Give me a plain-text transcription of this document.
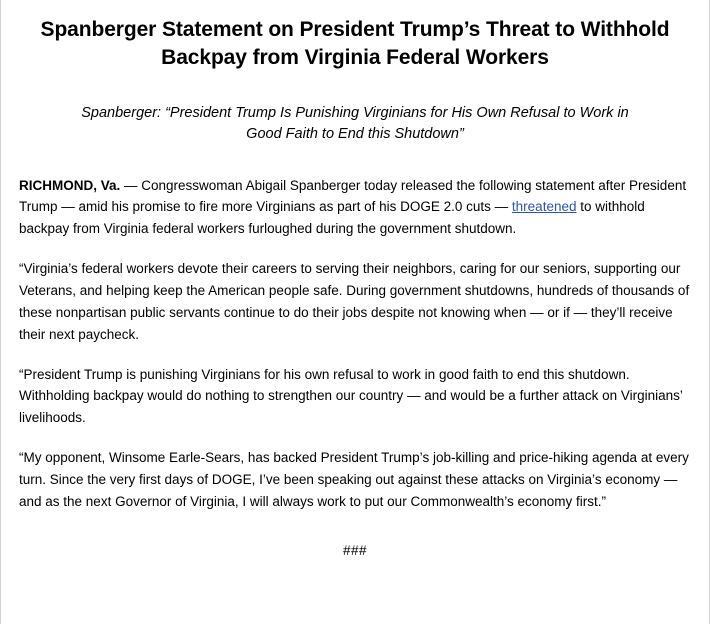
Spanberger Statement on President Trump’s Threat to Withhold Backpay from Virginia Federal Workers
Spanberger: “President Trump Is Punishing Virginians for His Own Refusal to Work in Good Faith to End this Shutdown”

RICHMOND, Va. — Congresswoman Abigail Spanberger today released the following statement after President Trump — amid his promise to fire more Virginians as part of his DOGE 2.0 cuts — threatened to withhold backpay from Virginia federal workers furloughed during the government shutdown.

“Virginia’s federal workers devote their careers to serving their neighbors, caring for our seniors, supporting our Veterans, and helping keep the American people safe. During government shutdowns, hundreds of thousands of these nonpartisan public servants continue to do their jobs despite not knowing when — or if — they’ll receive their next paycheck.

“President Trump is punishing Virginians for his own refusal to work in good faith to end this shutdown. Withholding backpay would do nothing to strengthen our country — and would be a further attack on Virginians’ livelihoods.

“My opponent, Winsome Earle-Sears, has backed President Trump’s job-killing and price-hiking agenda at every turn. Since the very first days of DOGE, I’ve been speaking out against these attacks on Virginia’s economy — and as the next Governor of Virginia, I will always work to put our Commonwealth’s economy first.”

###
